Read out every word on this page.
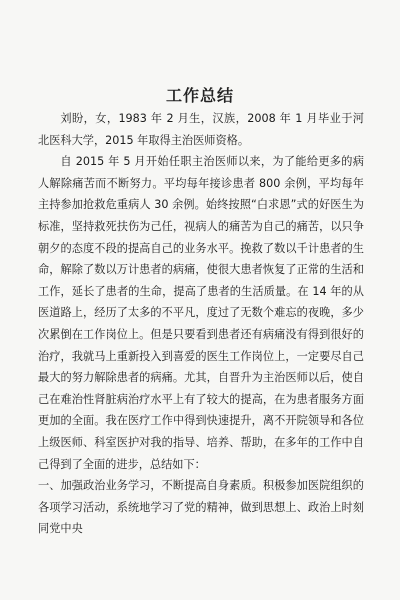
工作总结

刘盼，女，1983 年 2 月生，汉族，2008 年 1 月毕业于河北医科大学，2015 年取得主治医师资格。

自 2015 年 5 月开始任职主治医师以来，为了能给更多的病人解除痛苦而不断努力。平均每年接诊患者 800 余例，平均每年主持参加抢救危重病人 30 余例。始终按照“白求恩”式的好医生为标准，坚持救死扶伤为己任，视病人的痛苦为自己的痛苦，以只争朝夕的态度不段的提高自己的业务水平。挽救了数以千计患者的生命，解除了数以万计患者的病痛，使很大患者恢复了正常的生活和工作，延长了患者的生命，提高了患者的生活质量。在 14 年的从医道路上，经历了太多的不平凡，度过了无数个难忘的夜晚，多少次累倒在工作岗位上。但是只要看到患者还有病痛没有得到很好的治疗，我就马上重新投入到喜爱的医生工作岗位上，一定要尽自己最大的努力解除患者的病痛。尤其，自晋升为主治医师以后，使自己在难治性肾脏病治疗水平上有了较大的提高，在为患者服务方面更加的全面。我在医疗工作中得到快速提升，离不开院领导和各位上级医师、科室医护对我的指导、培养、帮助，在多年的工作中自己得到了全面的进步，总结如下：

一、加强政治业务学习，不断提高自身素质。积极参加医院组织的各项学习活动，系统地学习了党的精神，做到思想上、政治上时刻同党中央
